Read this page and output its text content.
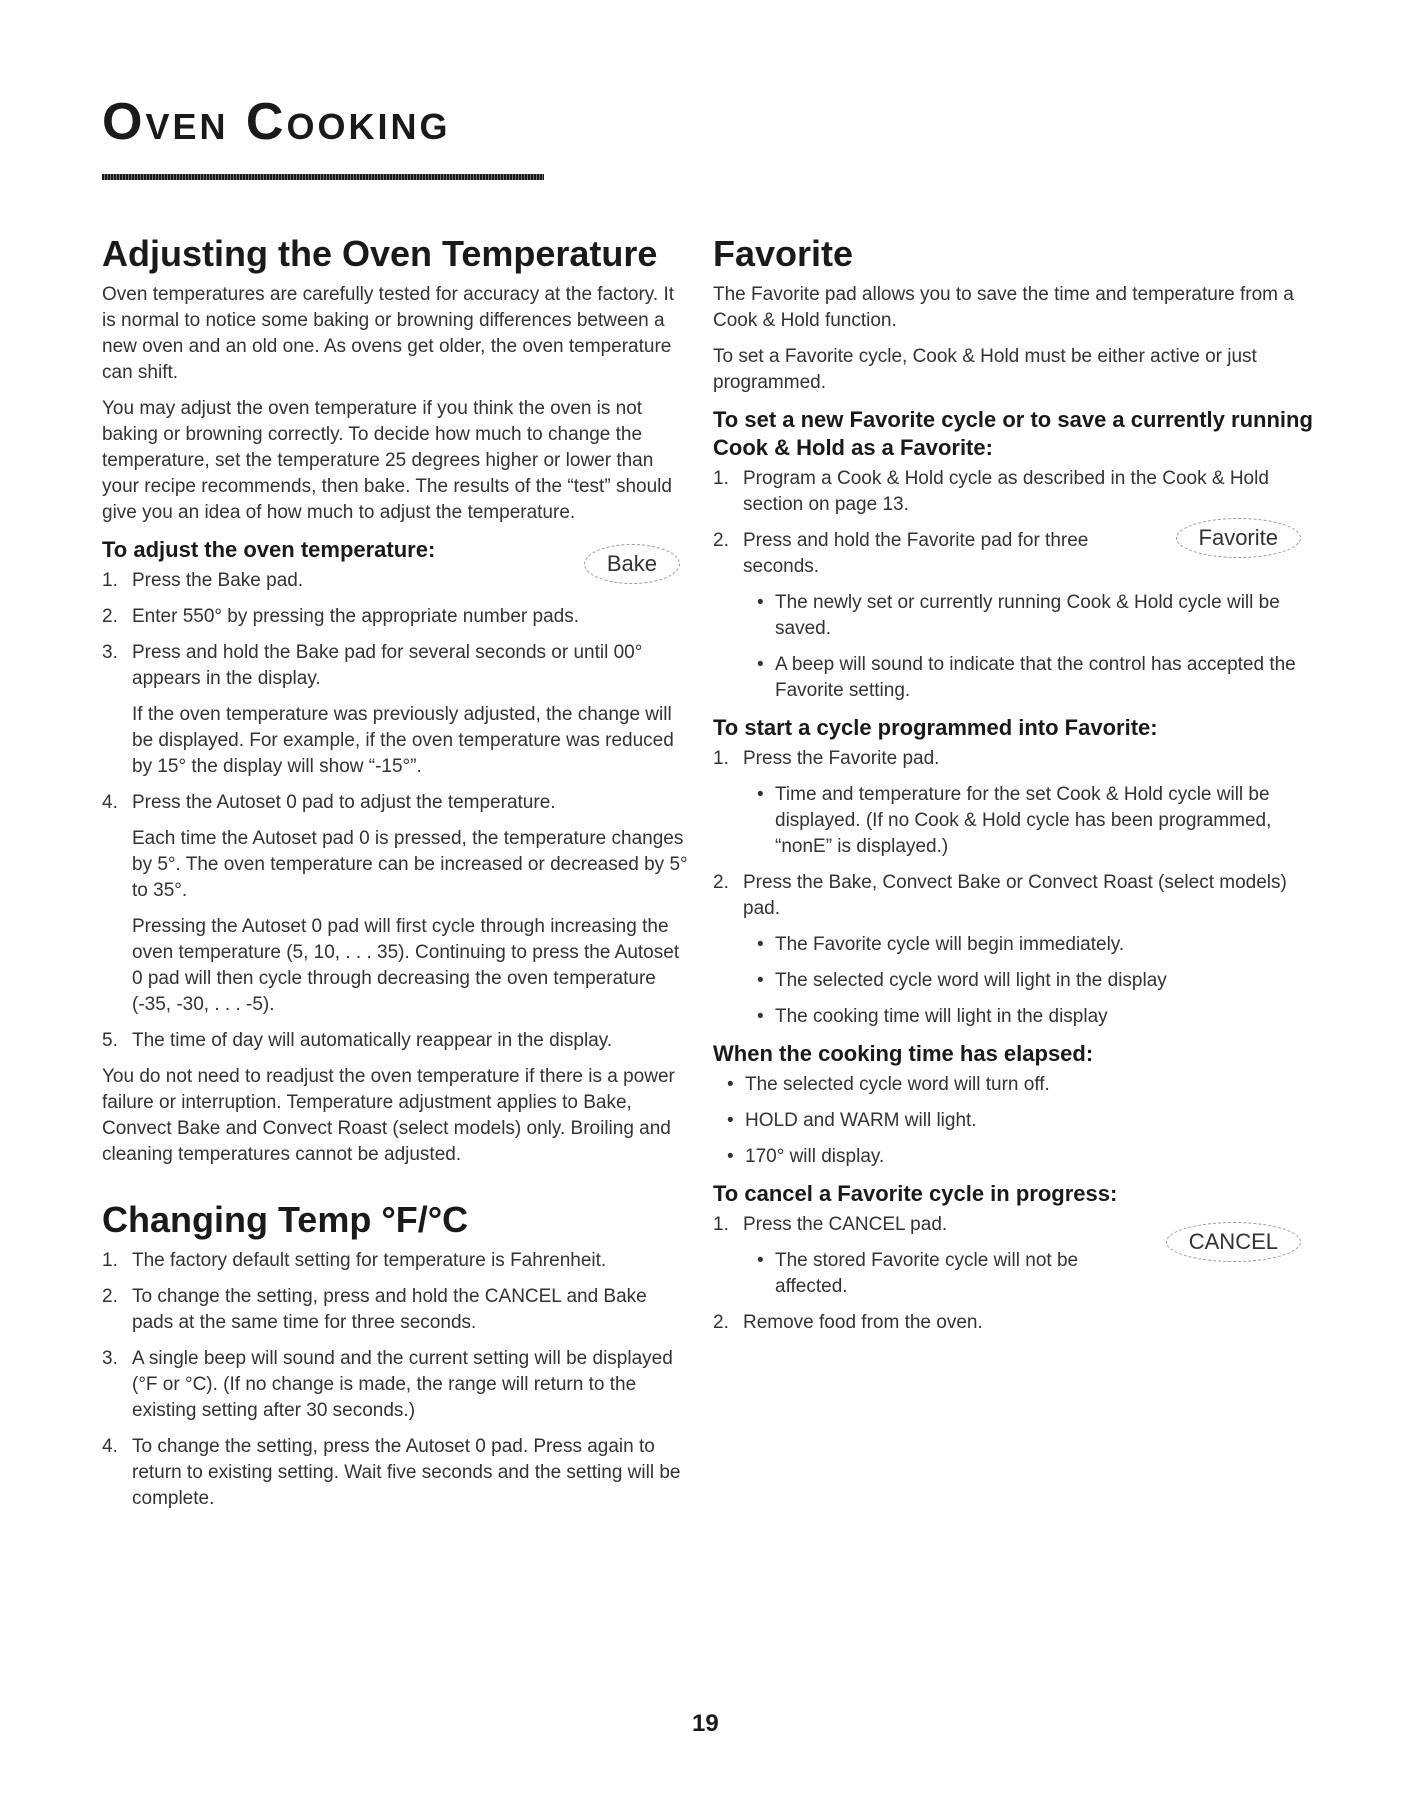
Oven Cooking
Adjusting the Oven Temperature

Oven temperatures are carefully tested for accuracy at the factory. It is normal to notice some baking or browning differences between a new oven and an old one. As ovens get older, the oven temperature can shift.

You may adjust the oven temperature if you think the oven is not baking or browning correctly. To decide how much to change the temperature, set the temperature 25 degrees higher or lower than your recipe recommends, then bake. The results of the “test” should give you an idea of how much to adjust the temperature.

To adjust the oven temperature:
Bake
1. Press the Bake pad.
2. Enter 550° by pressing the appropriate number pads.
3. Press and hold the Bake pad for several seconds or until 00° appears in the display.

If the oven temperature was previously adjusted, the change will be displayed. For example, if the oven temperature was reduced by 15° the display will show “-15°”.

4. Press the Autoset 0 pad to adjust the temperature.

Each time the Autoset pad 0 is pressed, the temperature changes by 5°. The oven temperature can be increased or decreased by 5° to 35°.

Pressing the Autoset 0 pad will first cycle through increasing the oven temperature (5, 10, . . . 35). Continuing to press the Autoset 0 pad will then cycle through decreasing the oven temperature (-35, -30, . . . -5).

5. The time of day will automatically reappear in the display.

You do not need to readjust the oven temperature if there is a power failure or interruption. Temperature adjustment applies to Bake, Convect Bake and Convect Roast (select models) only. Broiling and cleaning temperatures cannot be adjusted.

Changing Temp °F/°C
1. The factory default setting for temperature is Fahrenheit.
2. To change the setting, press and hold the CANCEL and Bake pads at the same time for three seconds.
3. A single beep will sound and the current setting will be displayed (°F or °C). (If no change is made, the range will return to the existing setting after 30 seconds.)
4. To change the setting, press the Autoset 0 pad. Press again to return to existing setting. Wait five seconds and the setting will be complete.
Favorite

The Favorite pad allows you to save the time and temperature from a Cook & Hold function.

To set a Favorite cycle, Cook & Hold must be either active or just programmed.

To set a new Favorite cycle or to save a currently running Cook & Hold as a Favorite:
1. Program a Cook & Hold cycle as described in the Cook & Hold section on page 13.
2. Press and hold the Favorite pad for three seconds.
Favorite
• The newly set or currently running Cook & Hold cycle will be saved.
• A beep will sound to indicate that the control has accepted the Favorite setting.
To start a cycle programmed into Favorite:
1. Press the Favorite pad.
• Time and temperature for the set Cook & Hold cycle will be displayed. (If no Cook & Hold cycle has been programmed, “nonE” is displayed.)
2. Press the Bake, Convect Bake or Convect Roast (select models) pad.
• The Favorite cycle will begin immediately.
• The selected cycle word will light in the display
• The cooking time will light in the display
When the cooking time has elapsed:
• The selected cycle word will turn off.
• HOLD and WARM will light.
• 170° will display.
To cancel a Favorite cycle in progress:
1. Press the CANCEL pad.
• The stored Favorite cycle will not be affected.
CANCEL
2. Remove food from the oven.
19
